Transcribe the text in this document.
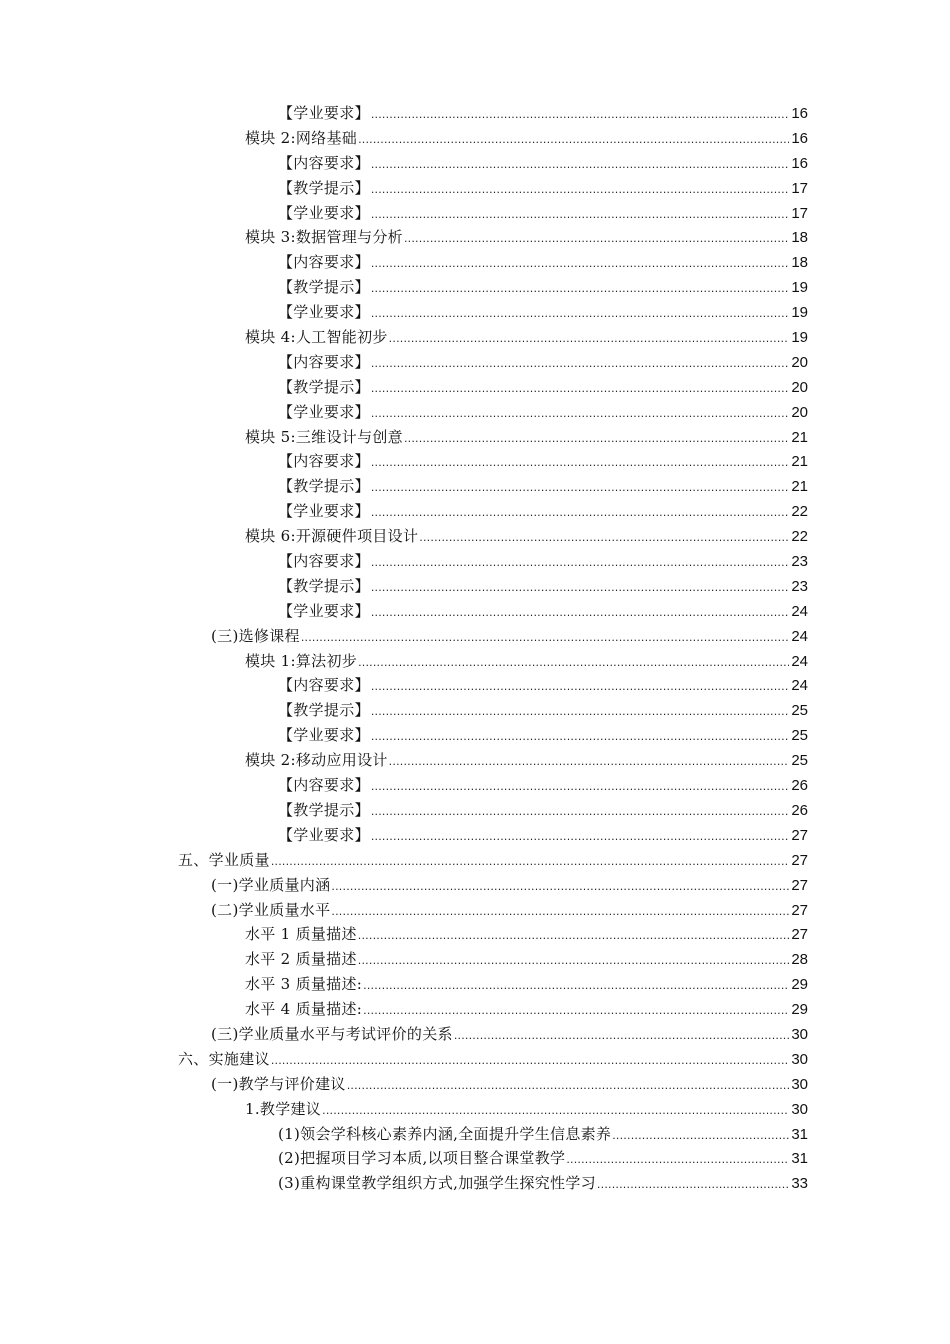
【学业要求】 .....	16
模块 2:网络基础 .....	16
【内容要求】 .....	16
【教学提示】 .....	17
【学业要求】 .....	17
模块 3:数据管理与分析 .....	18
【内容要求】 .....	18
【教学提示】 .....	19
【学业要求】 .....	19
模块 4:人工智能初步 .....	19
【内容要求】 .....	20
【教学提示】 .....	20
【学业要求】 .....	20
模块 5:三维设计与创意 .....	21
【内容要求】 .....	21
【教学提示】 .....	21
【学业要求】 .....	22
模块 6:开源硬件项目设计 .....	22
【内容要求】 .....	23
【教学提示】 .....	23
【学业要求】 .....	24
(三)选修课程 .....	24
模块 1:算法初步 .....	24
【内容要求】 .....	24
【教学提示】 .....	25
【学业要求】 .....	25
模块 2:移动应用设计 .....	25
【内容要求】 .....	26
【教学提示】 .....	26
【学业要求】 .....	27
五、学业质量 .....	27
(一)学业质量内涵 .....	27
(二)学业质量水平 .....	27
水平 1 质量描述 .....	27
水平 2 质量描述 .....	28
水平 3 质量描述: .....	29
水平 4 质量描述: .....	29
(三)学业质量水平与考试评价的关系 .....	30
六、实施建议 .....	30
(一)教学与评价建议 .....	30
1.教学建议 .....	30
(1)领会学科核心素养内涵,全面提升学生信息素养 .....	31
(2)把握项目学习本质,以项目整合课堂教学 .....	31
(3)重构课堂教学组织方式,加强学生探究性学习 .....	33
